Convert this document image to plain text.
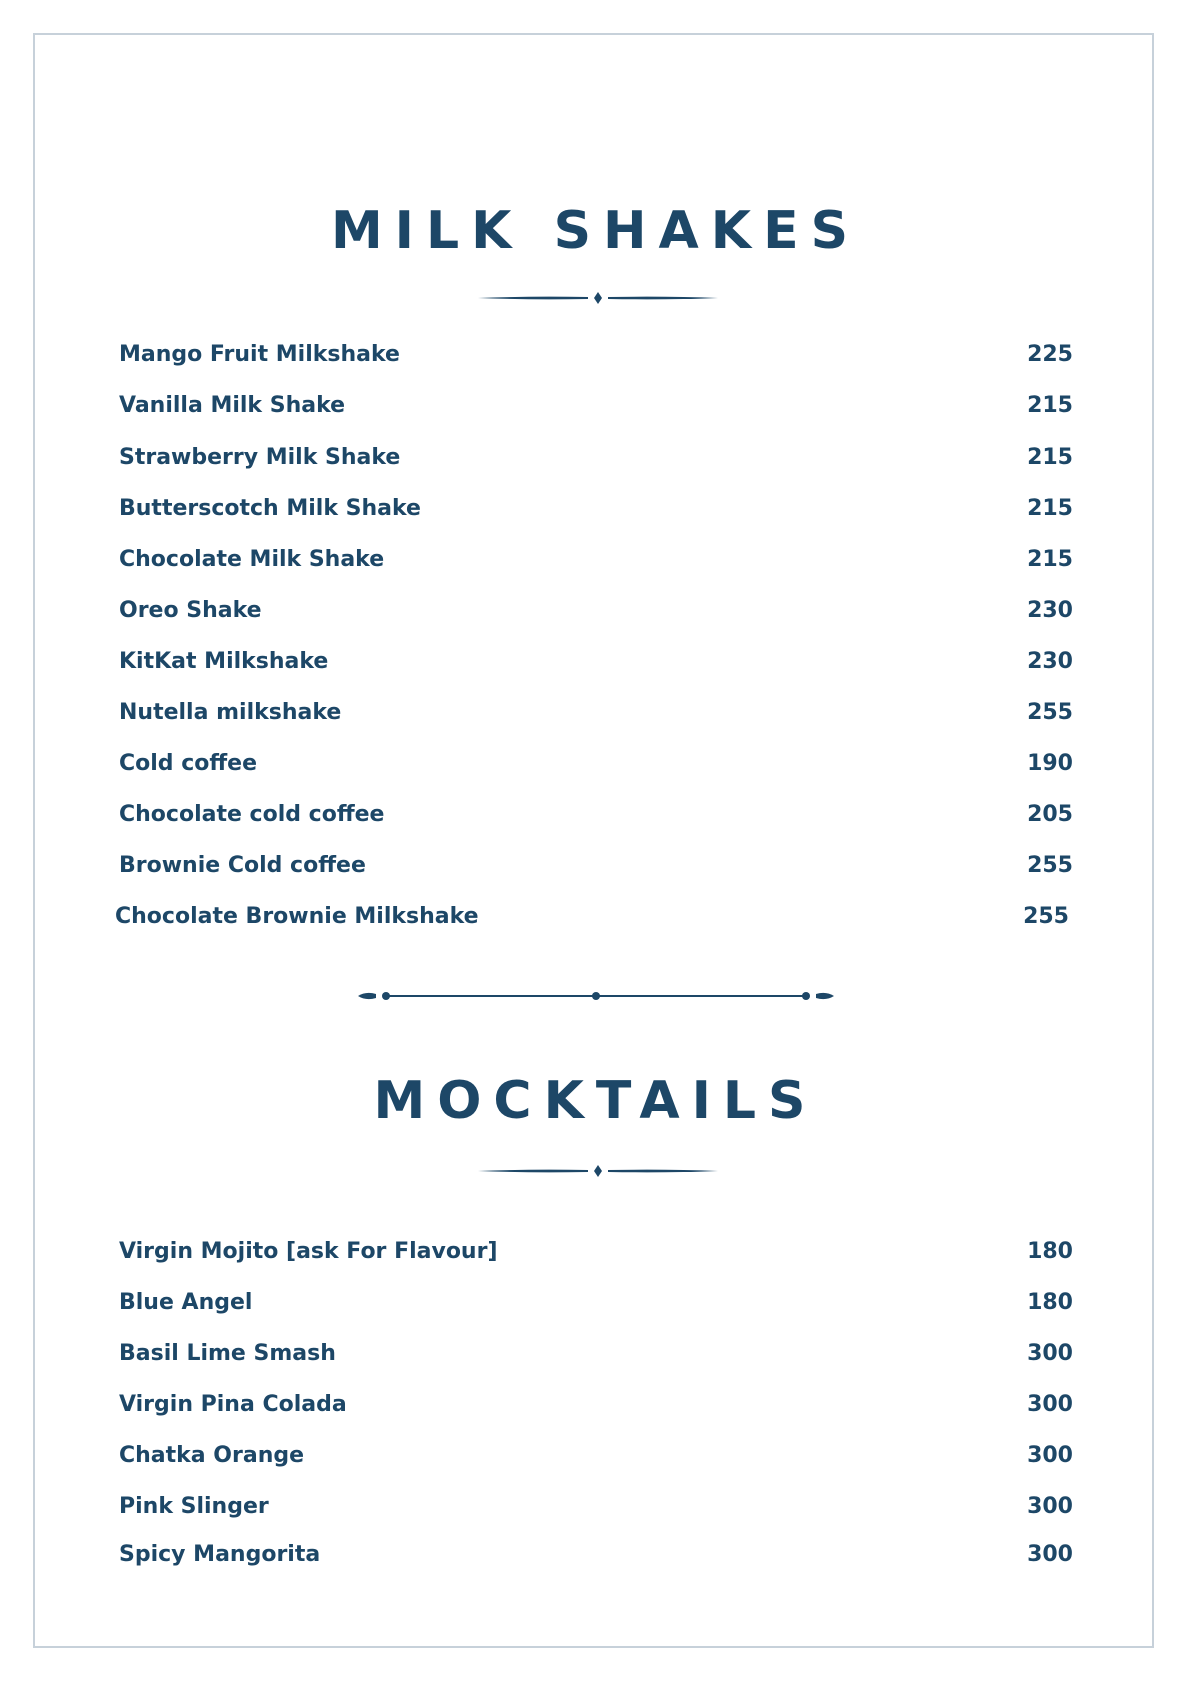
MILK SHAKES
Mango Fruit Milkshake	225
Vanilla Milk Shake	215
Strawberry Milk Shake	215
Butterscotch Milk Shake	215
Chocolate Milk Shake	215
Oreo Shake	230
KitKat Milkshake	230
Nutella milkshake	255
Cold coffee	190
Chocolate cold coffee	205
Brownie Cold coffee	255
Chocolate Brownie Milkshake	255
MOCKTAILS
Virgin Mojito [ask For Flavour]	180
Blue Angel	180
Basil Lime Smash	300
Virgin Pina Colada	300
Chatka Orange	300
Pink Slinger	300
Spicy Mangorita	300
